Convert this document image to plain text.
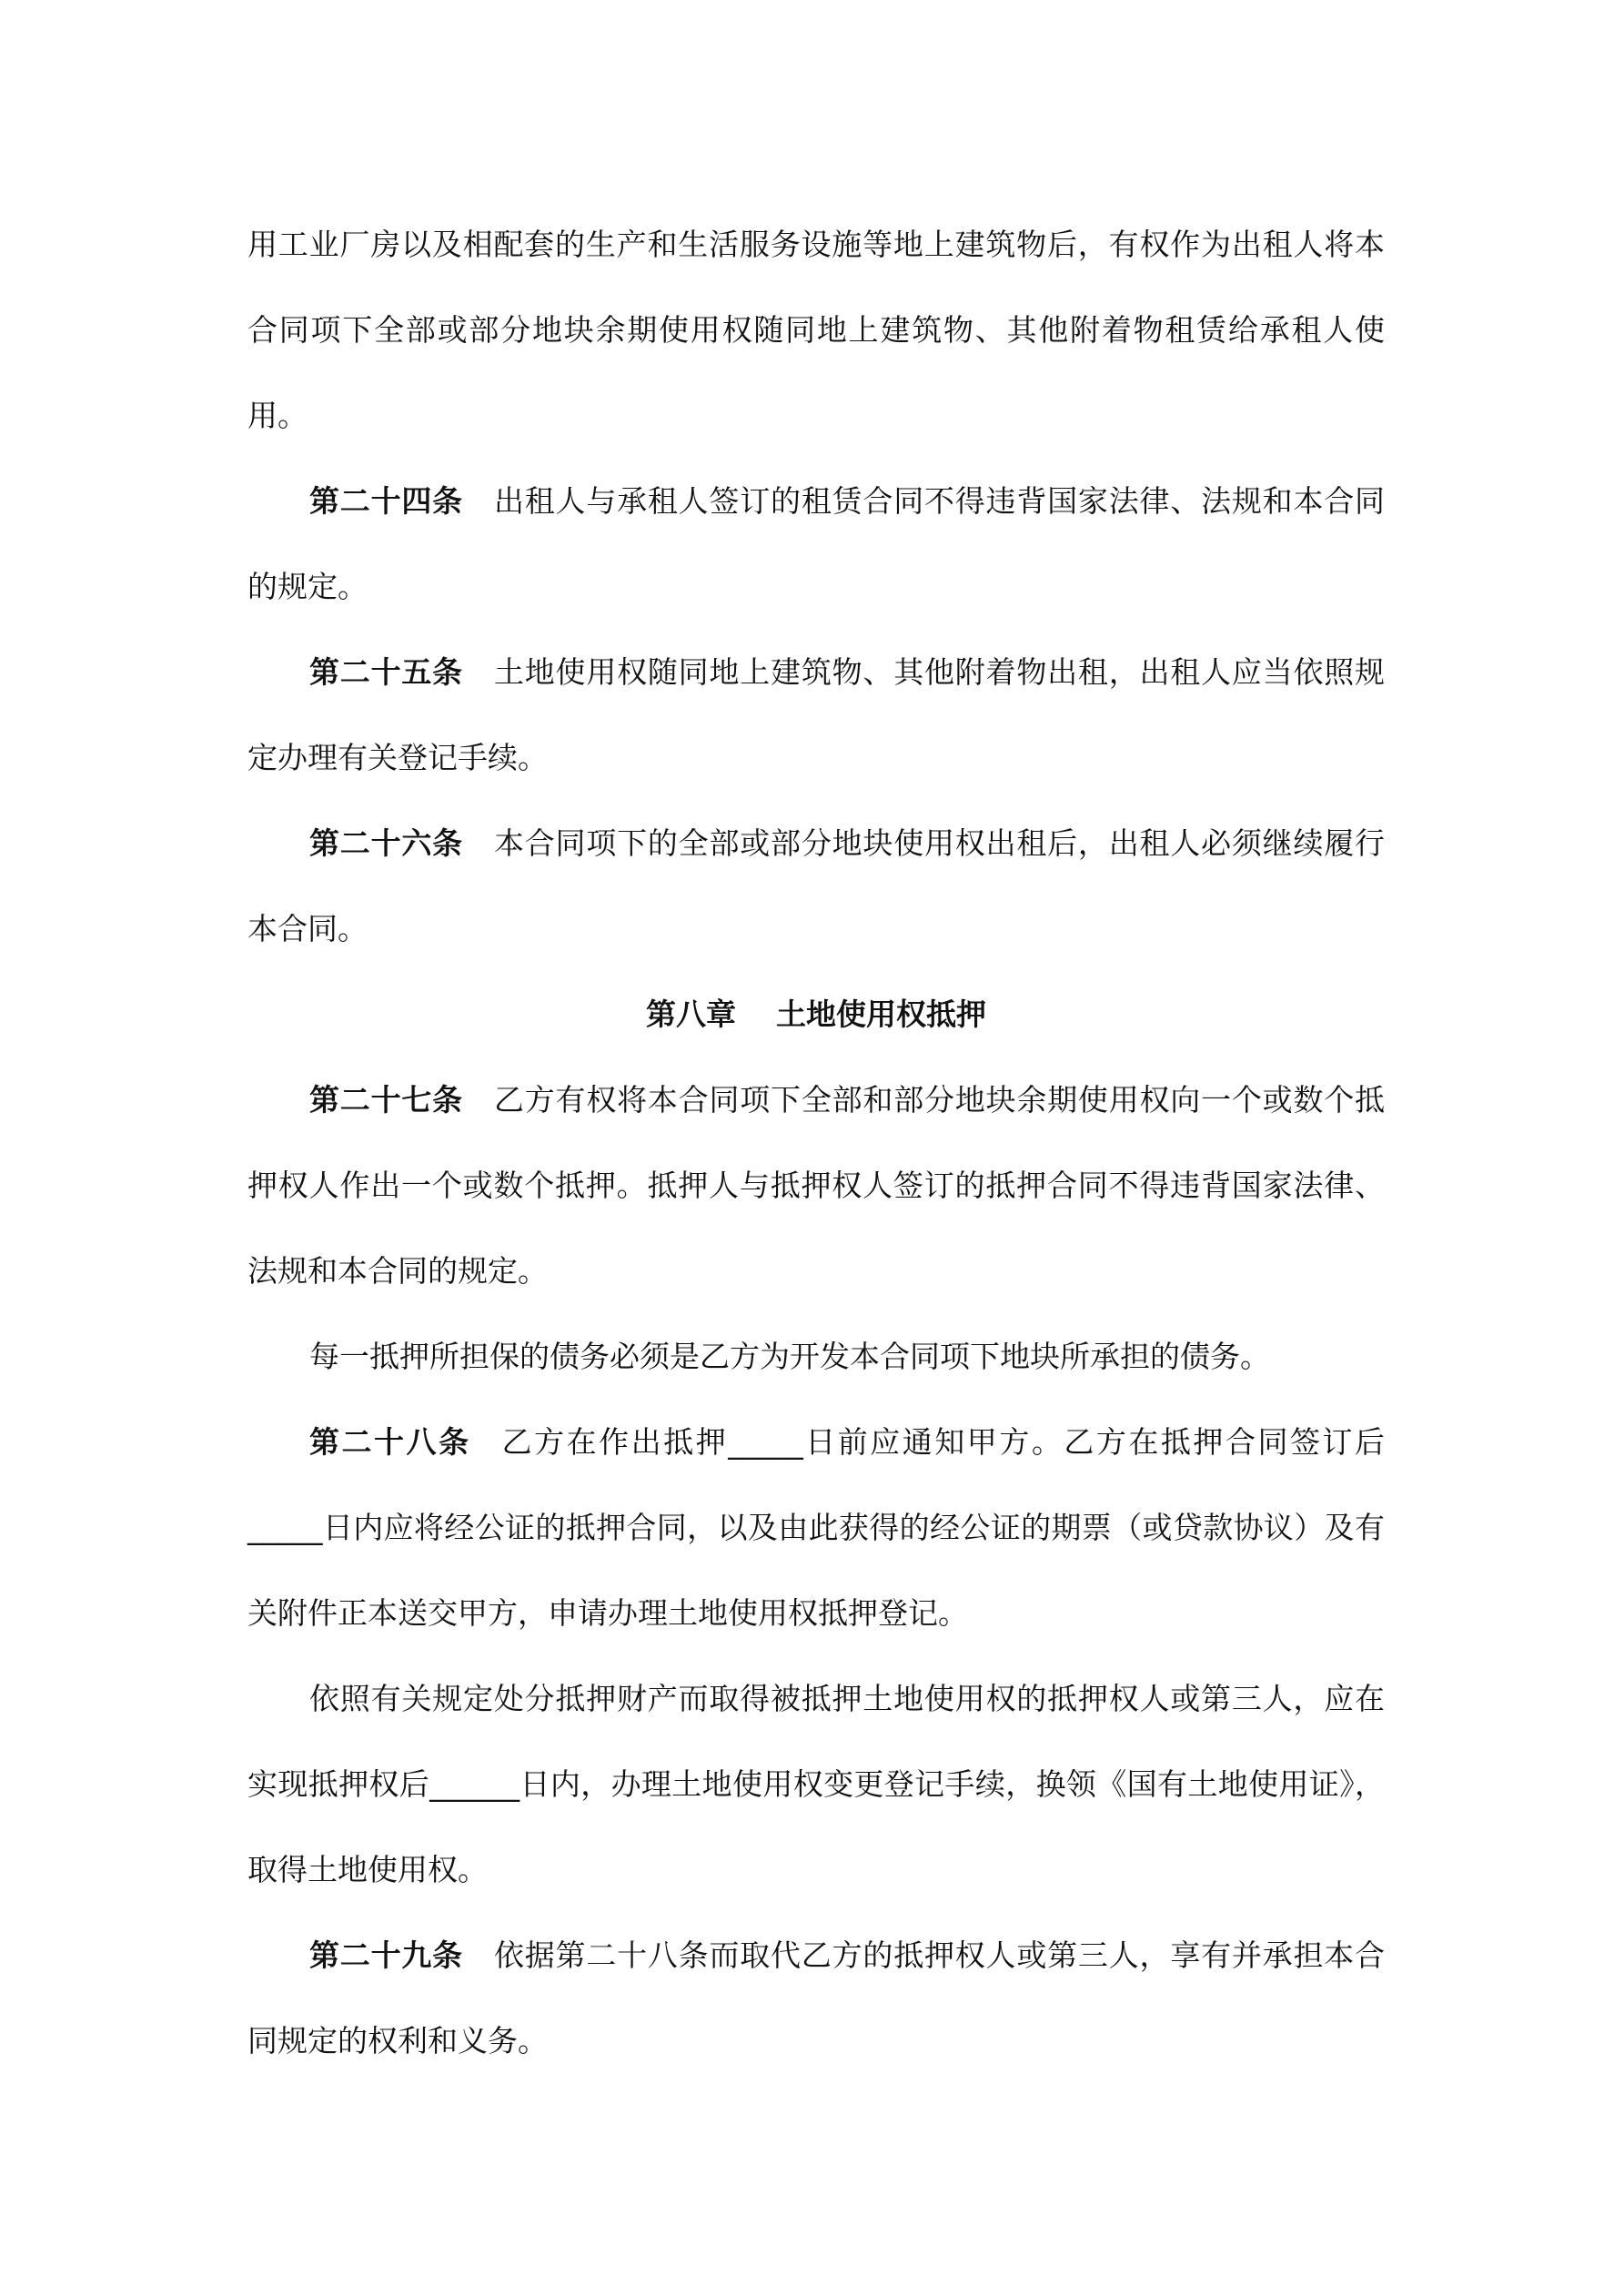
用工业厂房以及相配套的生产和生活服务设施等地上建筑物后，有权作为出租人将本合同项下全部或部分地块余期使用权随同地上建筑物、其他附着物租赁给承租人使用。

第二十四条 出租人与承租人签订的租赁合同不得违背国家法律、法规和本合同的规定。

第二十五条 土地使用权随同地上建筑物、其他附着物出租，出租人应当依照规定办理有关登记手续。

第二十六条 本合同项下的全部或部分地块使用权出租后，出租人必须继续履行本合同。

第八章 土地使用权抵押

第二十七条 乙方有权将本合同项下全部和部分地块余期使用权向一个或数个抵押权人作出一个或数个抵押。抵押人与抵押权人签订的抵押合同不得违背国家法律、法规和本合同的规定。

每一抵押所担保的债务必须是乙方为开发本合同项下地块所承担的债务。

第二十八条 乙方在作出抵押_____日前应通知甲方。乙方在抵押合同签订后_____日内应将经公证的抵押合同，以及由此获得的经公证的期票（或贷款协议）及有关附件正本送交甲方，申请办理土地使用权抵押登记。

依照有关规定处分抵押财产而取得被抵押土地使用权的抵押权人或第三人，应在实现抵押权后______日内，办理土地使用权变更登记手续，换领《国有土地使用证》，取得土地使用权。

第二十九条 依据第二十八条而取代乙方的抵押权人或第三人，享有并承担本合同规定的权利和义务。
